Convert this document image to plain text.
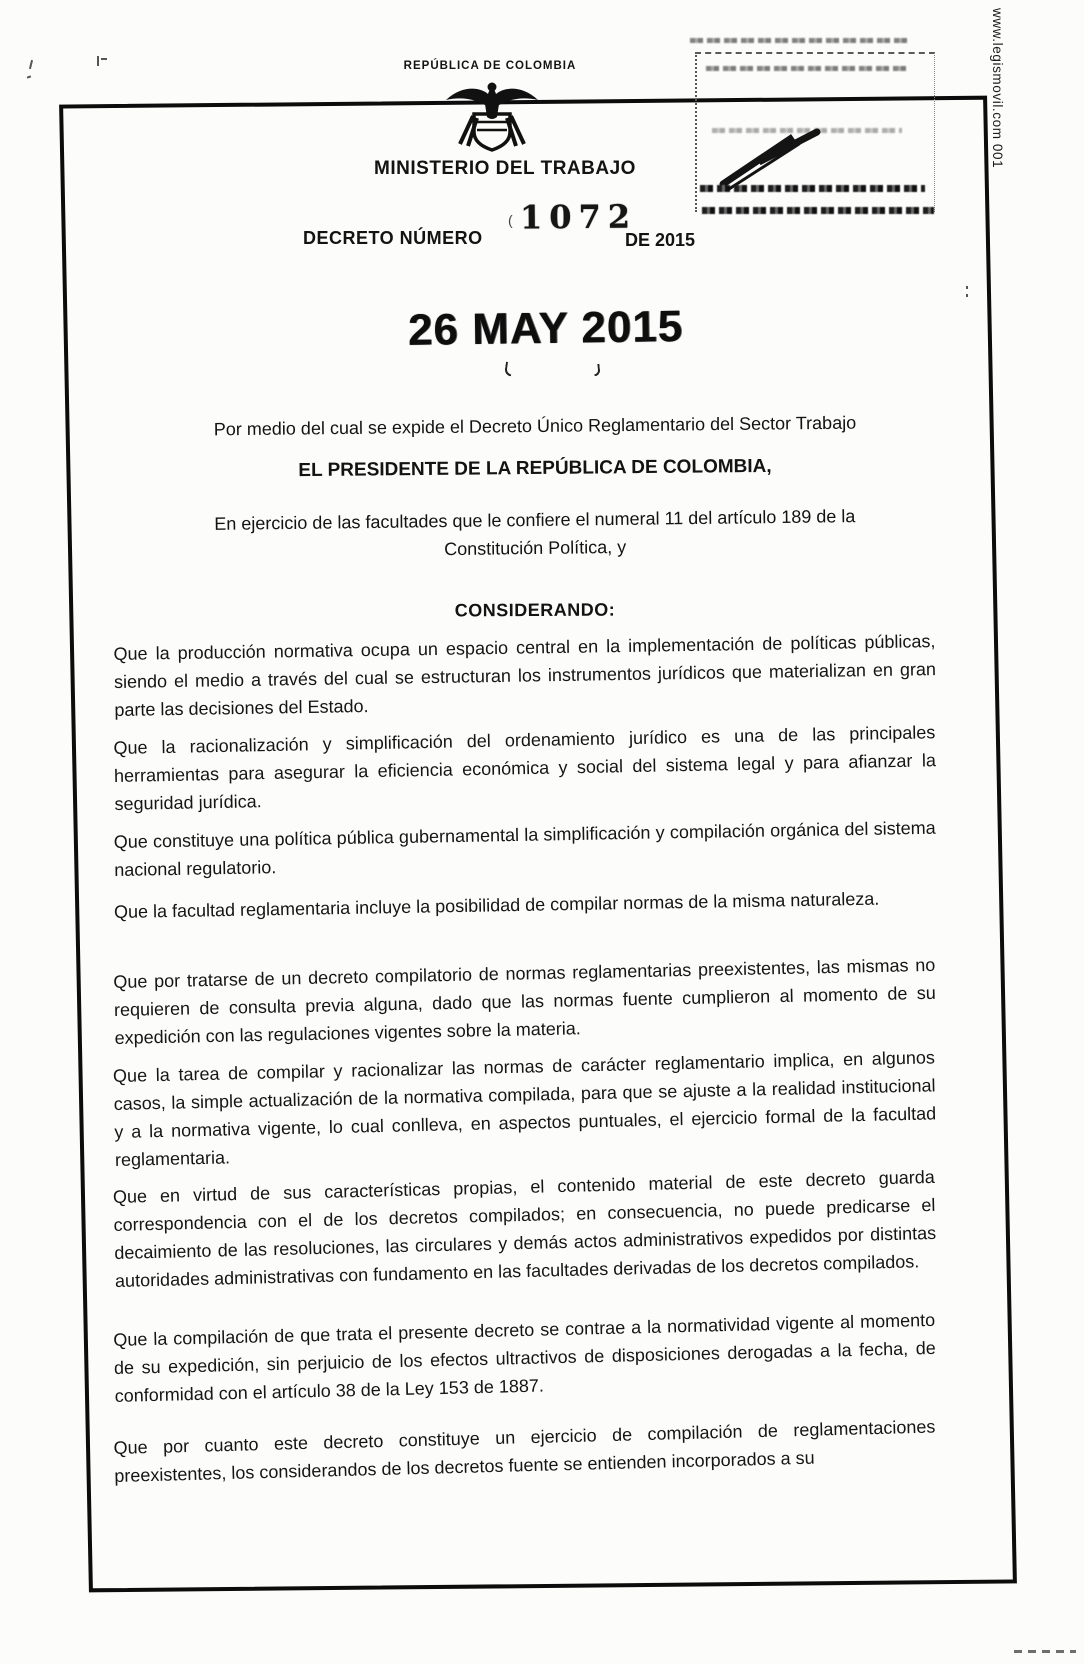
www.legismovil.com 001
REPÚBLICA DE COLOMBIA
MINISTERIO DEL TRABAJO
DECRETO NÚMERO
( 1072
DE 2015
26 MAY 2015
Por medio del cual se expide el Decreto Único Reglamentario del Sector Trabajo
EL PRESIDENTE DE LA REPÚBLICA DE COLOMBIA,
En ejercicio de las facultades que le confiere el numeral 11 del artículo 189 de la
Constitución Política, y
CONSIDERANDO:
Que la producción normativa ocupa un espacio central en la implementación de políticas públicas, siendo el medio a través del cual se estructuran los instrumentos jurídicos que materializan en gran parte las decisiones del Estado.
Que la racionalización y simplificación del ordenamiento jurídico es una de las principales herramientas para asegurar la eficiencia económica y social del sistema legal y para afianzar la seguridad jurídica.
Que constituye una política pública gubernamental la simplificación y compilación orgánica del sistema nacional regulatorio.
Que la facultad reglamentaria incluye la posibilidad de compilar normas de la misma naturaleza.
Que por tratarse de un decreto compilatorio de normas reglamentarias preexistentes, las mismas no requieren de consulta previa alguna, dado que las normas fuente cumplieron al momento de su expedición con las regulaciones vigentes sobre la materia.
Que la tarea de compilar y racionalizar las normas de carácter reglamentario implica, en algunos casos, la simple actualización de la normativa compilada, para que se ajuste a la realidad institucional y a la normativa vigente, lo cual conlleva, en aspectos puntuales, el ejercicio formal de la facultad reglamentaria.
Que en virtud de sus características propias, el contenido material de este decreto guarda correspondencia con el de los decretos compilados; en consecuencia, no puede predicarse el decaimiento de las resoluciones, las circulares y demás actos administrativos expedidos por distintas autoridades administrativas con fundamento en las facultades derivadas de los decretos compilados.
Que la compilación de que trata el presente decreto se contrae a la normatividad vigente al momento de su expedición, sin perjuicio de los efectos ultractivos de disposiciones derogadas a la fecha, de conformidad con el artículo 38 de la Ley 153 de 1887.
Que por cuanto este decreto constituye un ejercicio de compilación de reglamentaciones preexistentes, los considerandos de los decretos fuente se entienden incorporados a su
